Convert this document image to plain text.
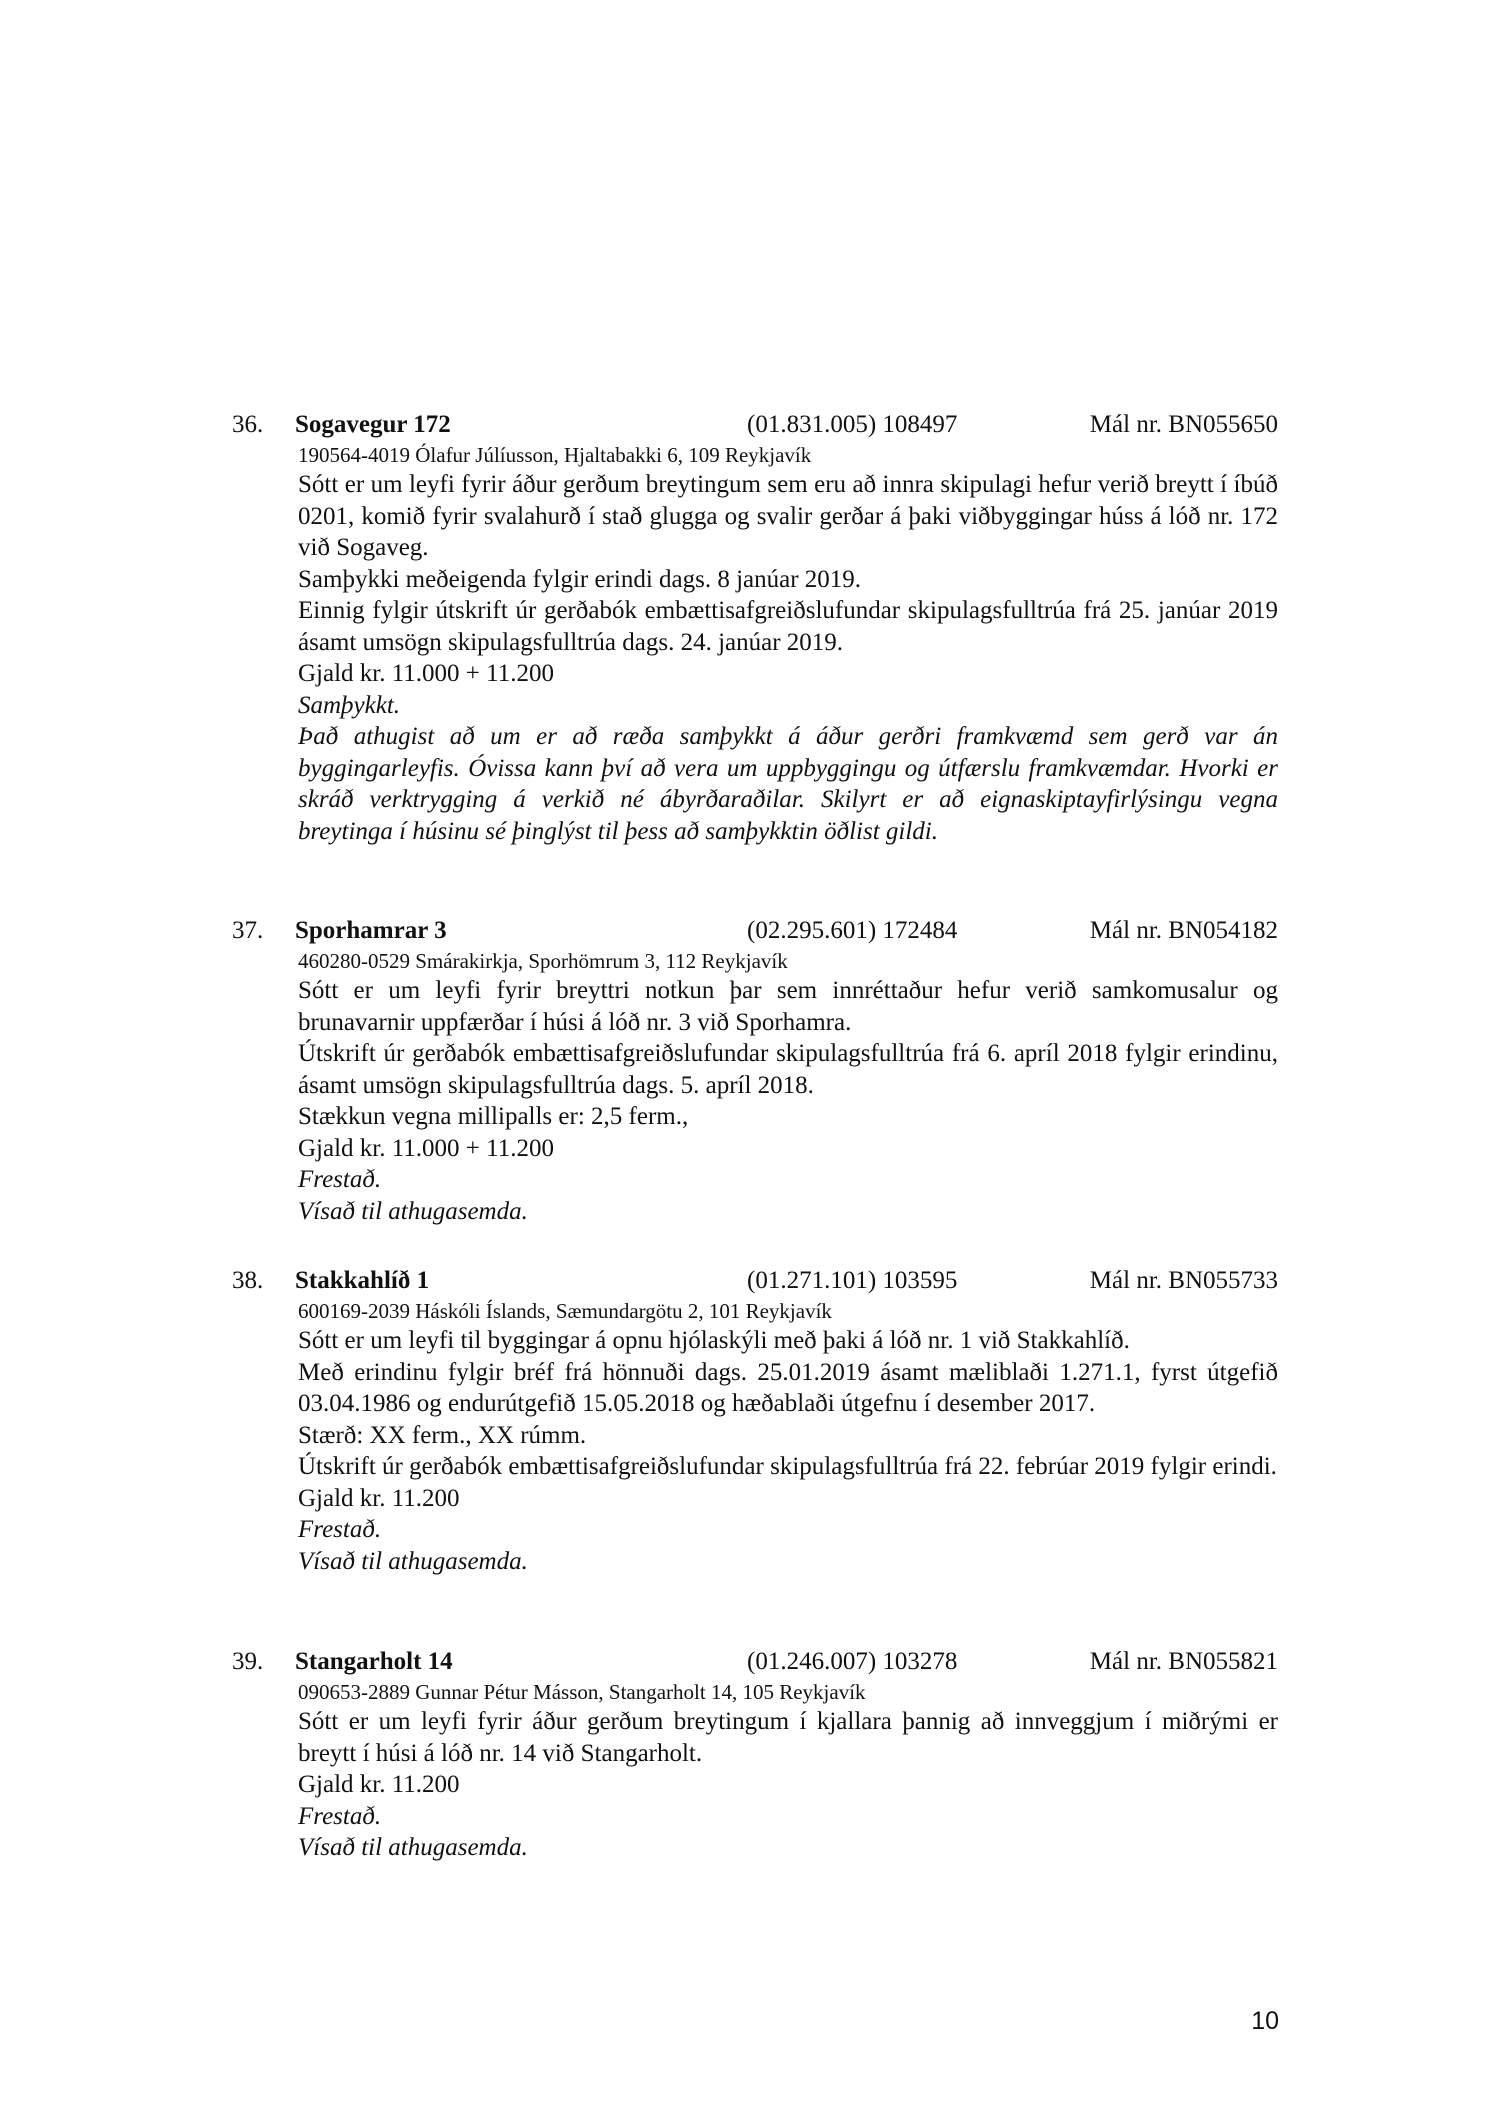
36. Sogavegur 172	(01.831.005) 108497	Mál nr. BN055650
190564-4019 Ólafur Júlíusson, Hjaltabakki 6, 109 Reykjavík

Sótt er um leyfi fyrir áður gerðum breytingum sem eru að innra skipulagi hefur verið breytt í íbúð 0201, komið fyrir svalahurð í stað glugga og svalir gerðar á þaki viðbyggingar húss á lóð nr. 172 við Sogaveg.

Samþykki meðeigenda fylgir erindi dags. 8 janúar 2019.

Einnig fylgir útskrift úr gerðabók embættisafgreiðslufundar skipulagsfulltrúa frá 25. janúar 2019 ásamt umsögn skipulagsfulltrúa dags. 24. janúar 2019.

Gjald kr. 11.000 + 11.200

Samþykkt.

Það athugist að um er að ræða samþykkt á áður gerðri framkvæmd sem gerð var án byggingarleyfis. Óvissa kann því að vera um uppbyggingu og útfærslu framkvæmdar. Hvorki er skráð verktrygging á verkið né ábyrðaraðilar. Skilyrt er að eignaskiptayfirlýsingu vegna breytinga í húsinu sé þinglýst til þess að samþykktin öðlist gildi.

37. Sporhamrar 3	(02.295.601) 172484	Mál nr. BN054182
460280-0529 Smárakirkja, Sporhömrum 3, 112 Reykjavík

Sótt er um leyfi fyrir breyttri notkun þar sem innréttaður hefur verið samkomusalur og brunavarnir uppfærðar í húsi á lóð nr. 3 við Sporhamra.

Útskrift úr gerðabók embættisafgreiðslufundar skipulagsfulltrúa frá 6. apríl 2018 fylgir erindinu, ásamt umsögn skipulagsfulltrúa dags. 5. apríl 2018.

Stækkun vegna millipalls er: 2,5 ferm.,

Gjald kr. 11.000 + 11.200

Frestað.

Vísað til athugasemda.

38. Stakkahlíð 1	(01.271.101) 103595	Mál nr. BN055733
600169-2039 Háskóli Íslands, Sæmundargötu 2, 101 Reykjavík

Sótt er um leyfi til byggingar á opnu hjólaskýli með þaki á lóð nr. 1 við Stakkahlíð.

Með erindinu fylgir bréf frá hönnuði dags. 25.01.2019 ásamt mæliblaði 1.271.1, fyrst útgefið 03.04.1986 og endurútgefið 15.05.2018 og hæðablaði útgefnu í desember 2017.

Stærð: XX ferm., XX rúmm.

Útskrift úr gerðabók embættisafgreiðslufundar skipulagsfulltrúa frá 22. febrúar 2019 fylgir erindi.

Gjald kr. 11.200

Frestað.

Vísað til athugasemda.

39. Stangarholt 14	(01.246.007) 103278	Mál nr. BN055821
090653-2889 Gunnar Pétur Másson, Stangarholt 14, 105 Reykjavík

Sótt er um leyfi fyrir áður gerðum breytingum í kjallara þannig að innveggjum í miðrými er breytt í húsi á lóð nr. 14 við Stangarholt.

Gjald kr. 11.200

Frestað.

Vísað til athugasemda.

10
